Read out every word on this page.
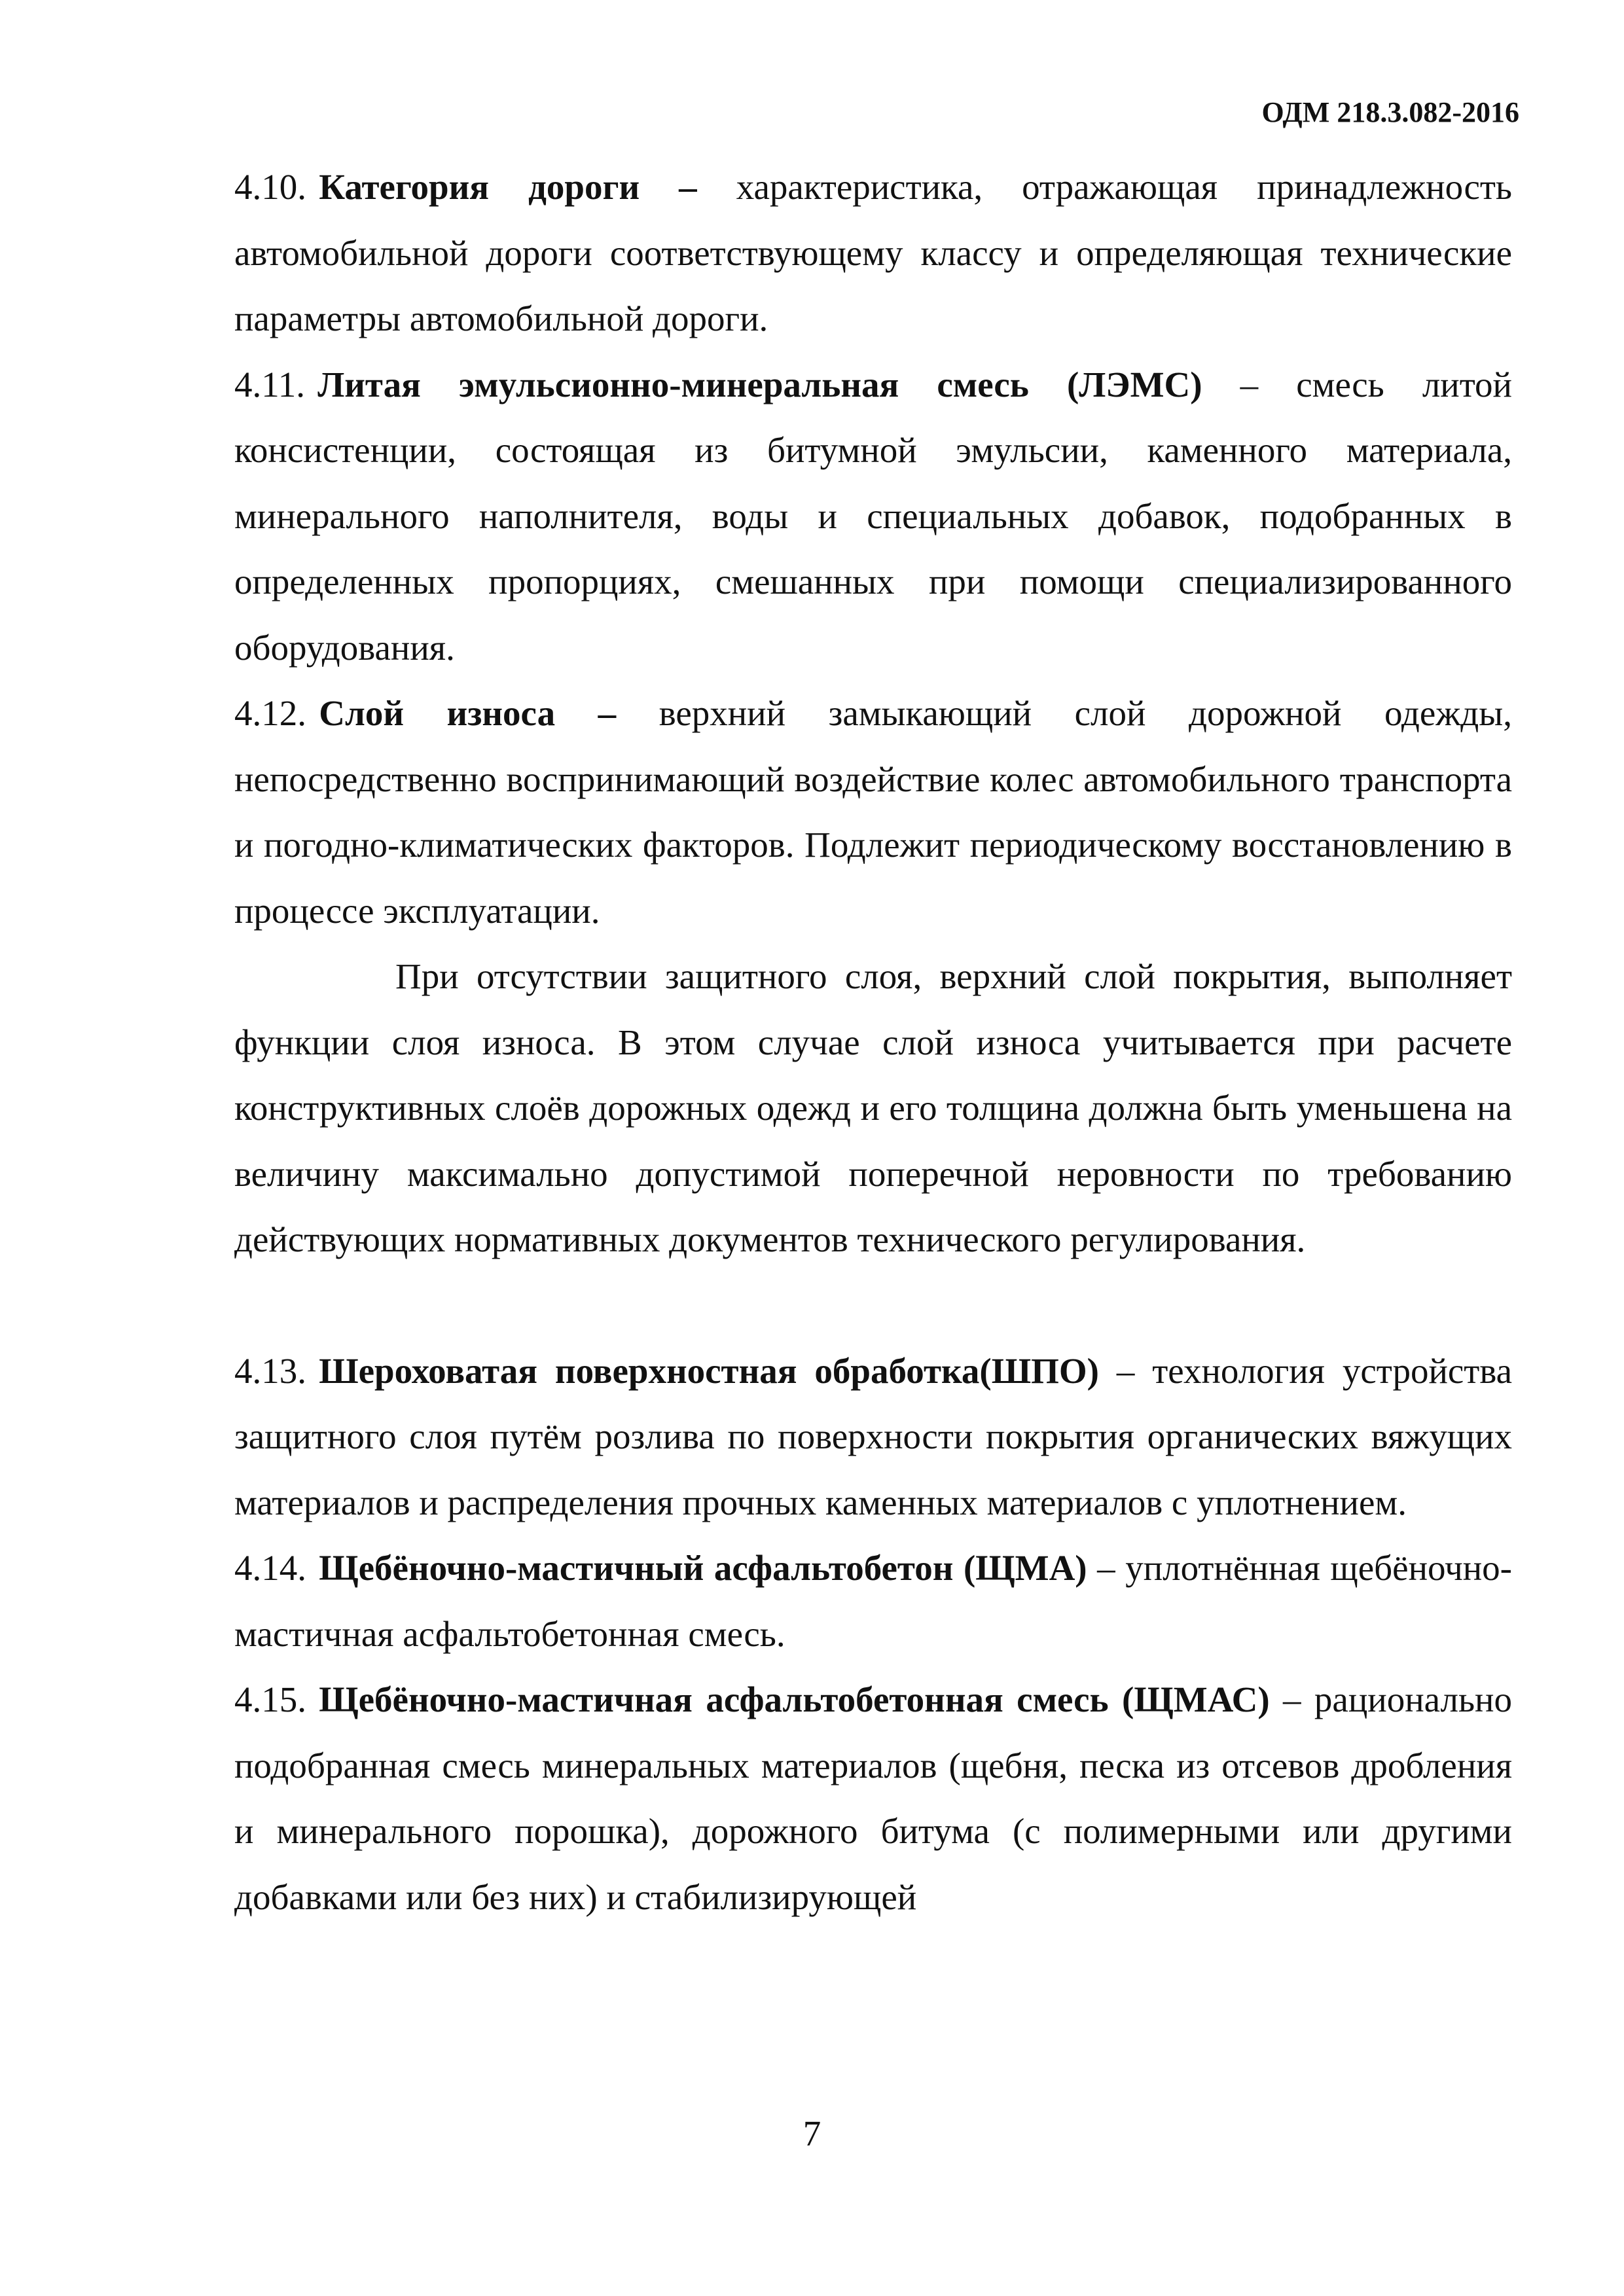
ОДМ 218.3.082-2016

4.10. Категория дороги – характеристика, отражающая принадлежность автомобильной дороги соответствующему классу и определяющая технические параметры автомобильной дороги.

4.11. Литая эмульсионно-минеральная смесь (ЛЭМС) – смесь литой консистенции, состоящая из битумной эмульсии, каменного материала, минерального наполнителя, воды и специальных добавок, подобранных в определенных пропорциях, смешанных при помощи специализированного оборудования.

4.12. Слой износа – верхний замыкающий слой дорожной одежды, непосредственно воспринимающий воздействие колес автомобильного транспорта и погодно-климатических факторов. Подлежит периодическому восстановлению в процессе эксплуатации.

При отсутствии защитного слоя, верхний слой покрытия, выполняет функции слоя износа. В этом случае слой износа учитывается при расчете конструктивных слоёв дорожных одежд и его толщина должна быть уменьшена на величину максимально допустимой поперечной неровности по требованию действующих нормативных документов технического регулирования.

4.13. Шероховатая поверхностная обработка(ШПО) – технология устройства защитного слоя путём розлива по поверхности покрытия органических вяжущих материалов и распределения прочных каменных материалов с уплотнением.

4.14. Щебёночно-мастичный асфальтобетон (ЩМА) – уплотнённая щебёночно-мастичная асфальтобетонная смесь.

4.15. Щебёночно-мастичная асфальтобетонная смесь (ЩМАС) – рационально подобранная смесь минеральных материалов (щебня, песка из отсевов дробления и минерального порошка), дорожного битума (с полимерными или другими добавками или без них) и стабилизирующей

7
